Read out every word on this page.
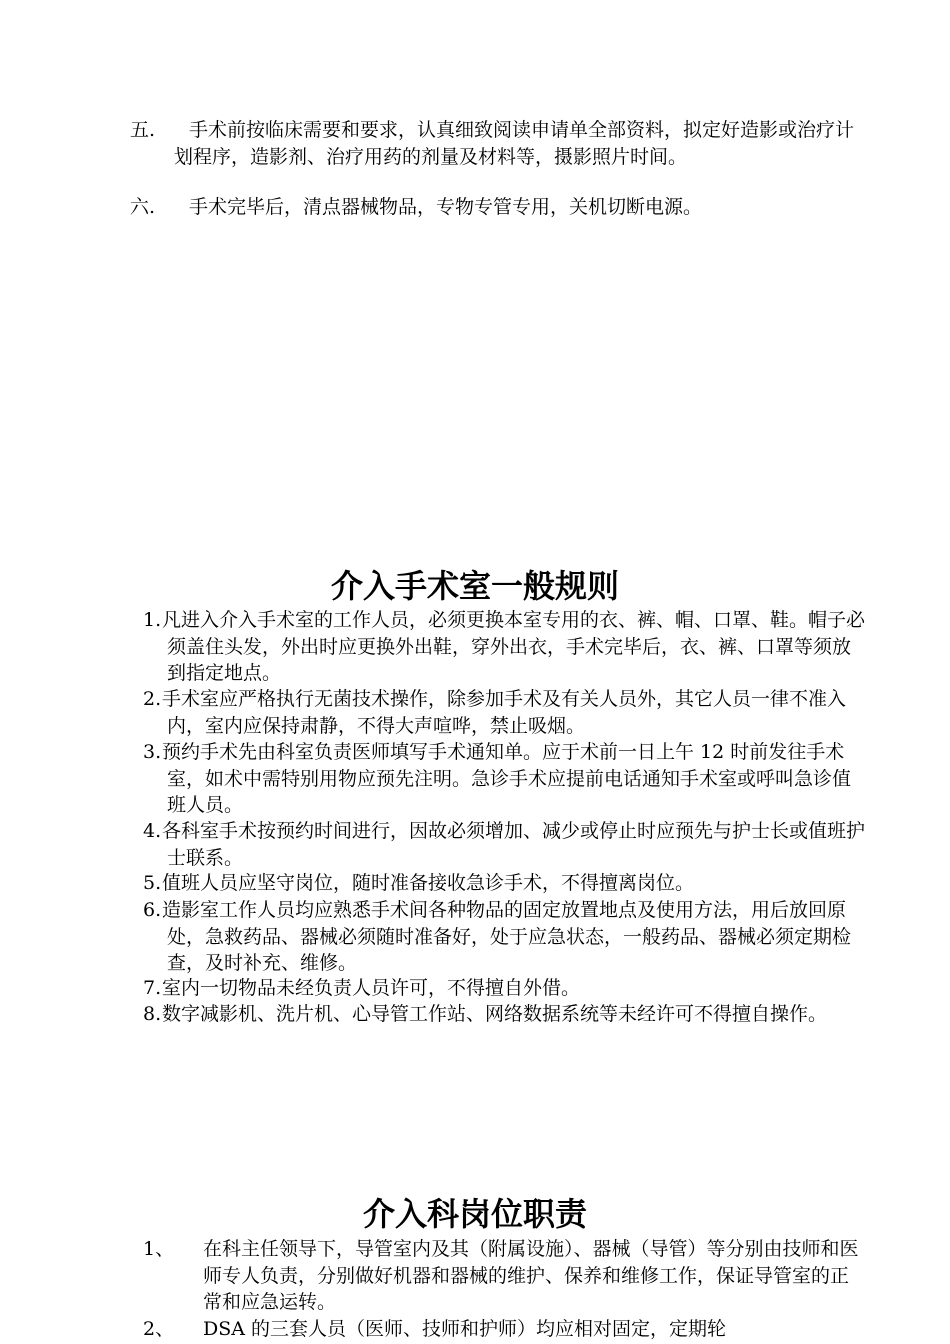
五.	手术前按临床需要和要求，认真细致阅读申请单全部资料，拟定好造影或治疗计划程序，造影剂、治疗用药的剂量及材料等，摄影照片时间。
六.	手术完毕后，清点器械物品，专物专管专用，关机切断电源。
介入手术室一般规则
1. 凡进入介入手术室的工作人员，必须更换本室专用的衣、裤、帽、口罩、鞋。帽子必须盖住头发，外出时应更换外出鞋，穿外出衣，手术完毕后，衣、裤、口罩等须放到指定地点。
2. 手术室应严格执行无菌技术操作，除参加手术及有关人员外，其它人员一律不准入内，室内应保持肃静，不得大声喧哗，禁止吸烟。
3. 预约手术先由科室负责医师填写手术通知单。应于术前一日上午 12 时前发往手术室，如术中需特别用物应预先注明。急诊手术应提前电话通知手术室或呼叫急诊值班人员。
4. 各科室手术按预约时间进行，因故必须增加、减少或停止时应预先与护士长或值班护士联系。
5. 值班人员应坚守岗位，随时准备接收急诊手术，不得擅离岗位。
6. 造影室工作人员均应熟悉手术间各种物品的固定放置地点及使用方法，用后放回原处，急救药品、器械必须随时准备好，处于应急状态，一般药品、器械必须定期检查，及时补充、维修。
7. 室内一切物品未经负责人员许可，不得擅自外借。
8. 数字减影机、洗片机、心导管工作站、网络数据系统等未经许可不得擅自操作。
介入科岗位职责
1、	在科主任领导下，导管室内及其（附属设施）、器械（导管）等分别由技师和医师专人负责，分别做好机器和器械的维护、保养和维修工作，保证导管室的正常和应急运转。
2、	DSA 的三套人员（医师、技师和护师）均应相对固定，定期轮
